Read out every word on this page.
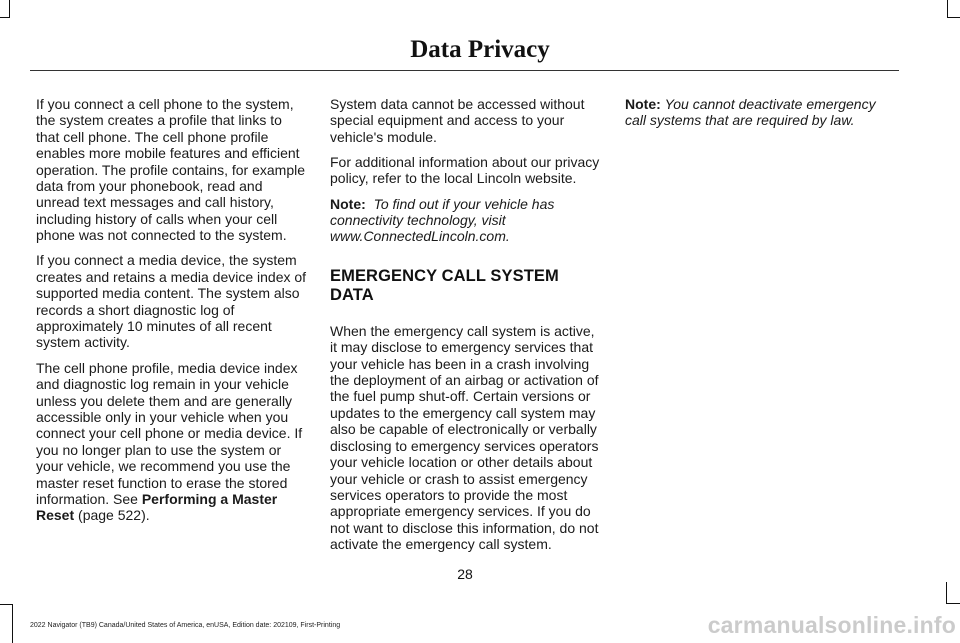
Data Privacy

If you connect a cell phone to the system, the system creates a profile that links to that cell phone. The cell phone profile enables more mobile features and efficient operation. The profile contains, for example data from your phonebook, read and unread text messages and call history, including history of calls when your cell phone was not connected to the system.

If you connect a media device, the system creates and retains a media device index of supported media content. The system also records a short diagnostic log of approximately 10 minutes of all recent system activity.

The cell phone profile, media device index and diagnostic log remain in your vehicle unless you delete them and are generally accessible only in your vehicle when you connect your cell phone or media device. If you no longer plan to use the system or your vehicle, we recommend you use the master reset function to erase the stored information. See Performing a Master Reset (page 522).

System data cannot be accessed without special equipment and access to your vehicle's module.

For additional information about our privacy policy, refer to the local Lincoln website.

Note: To find out if your vehicle has connectivity technology, visit www.ConnectedLincoln.com.

EMERGENCY CALL SYSTEM DATA

When the emergency call system is active, it may disclose to emergency services that your vehicle has been in a crash involving the deployment of an airbag or activation of the fuel pump shut-off. Certain versions or updates to the emergency call system may also be capable of electronically or verbally disclosing to emergency services operators your vehicle location or other details about your vehicle or crash to assist emergency services operators to provide the most appropriate emergency services. If you do not want to disclose this information, do not activate the emergency call system.

Note: You cannot deactivate emergency call systems that are required by law.

28
2022 Navigator (TB9) Canada/United States of America, enUSA, Edition date: 202109, First-Printing	carmanualsonline.info
